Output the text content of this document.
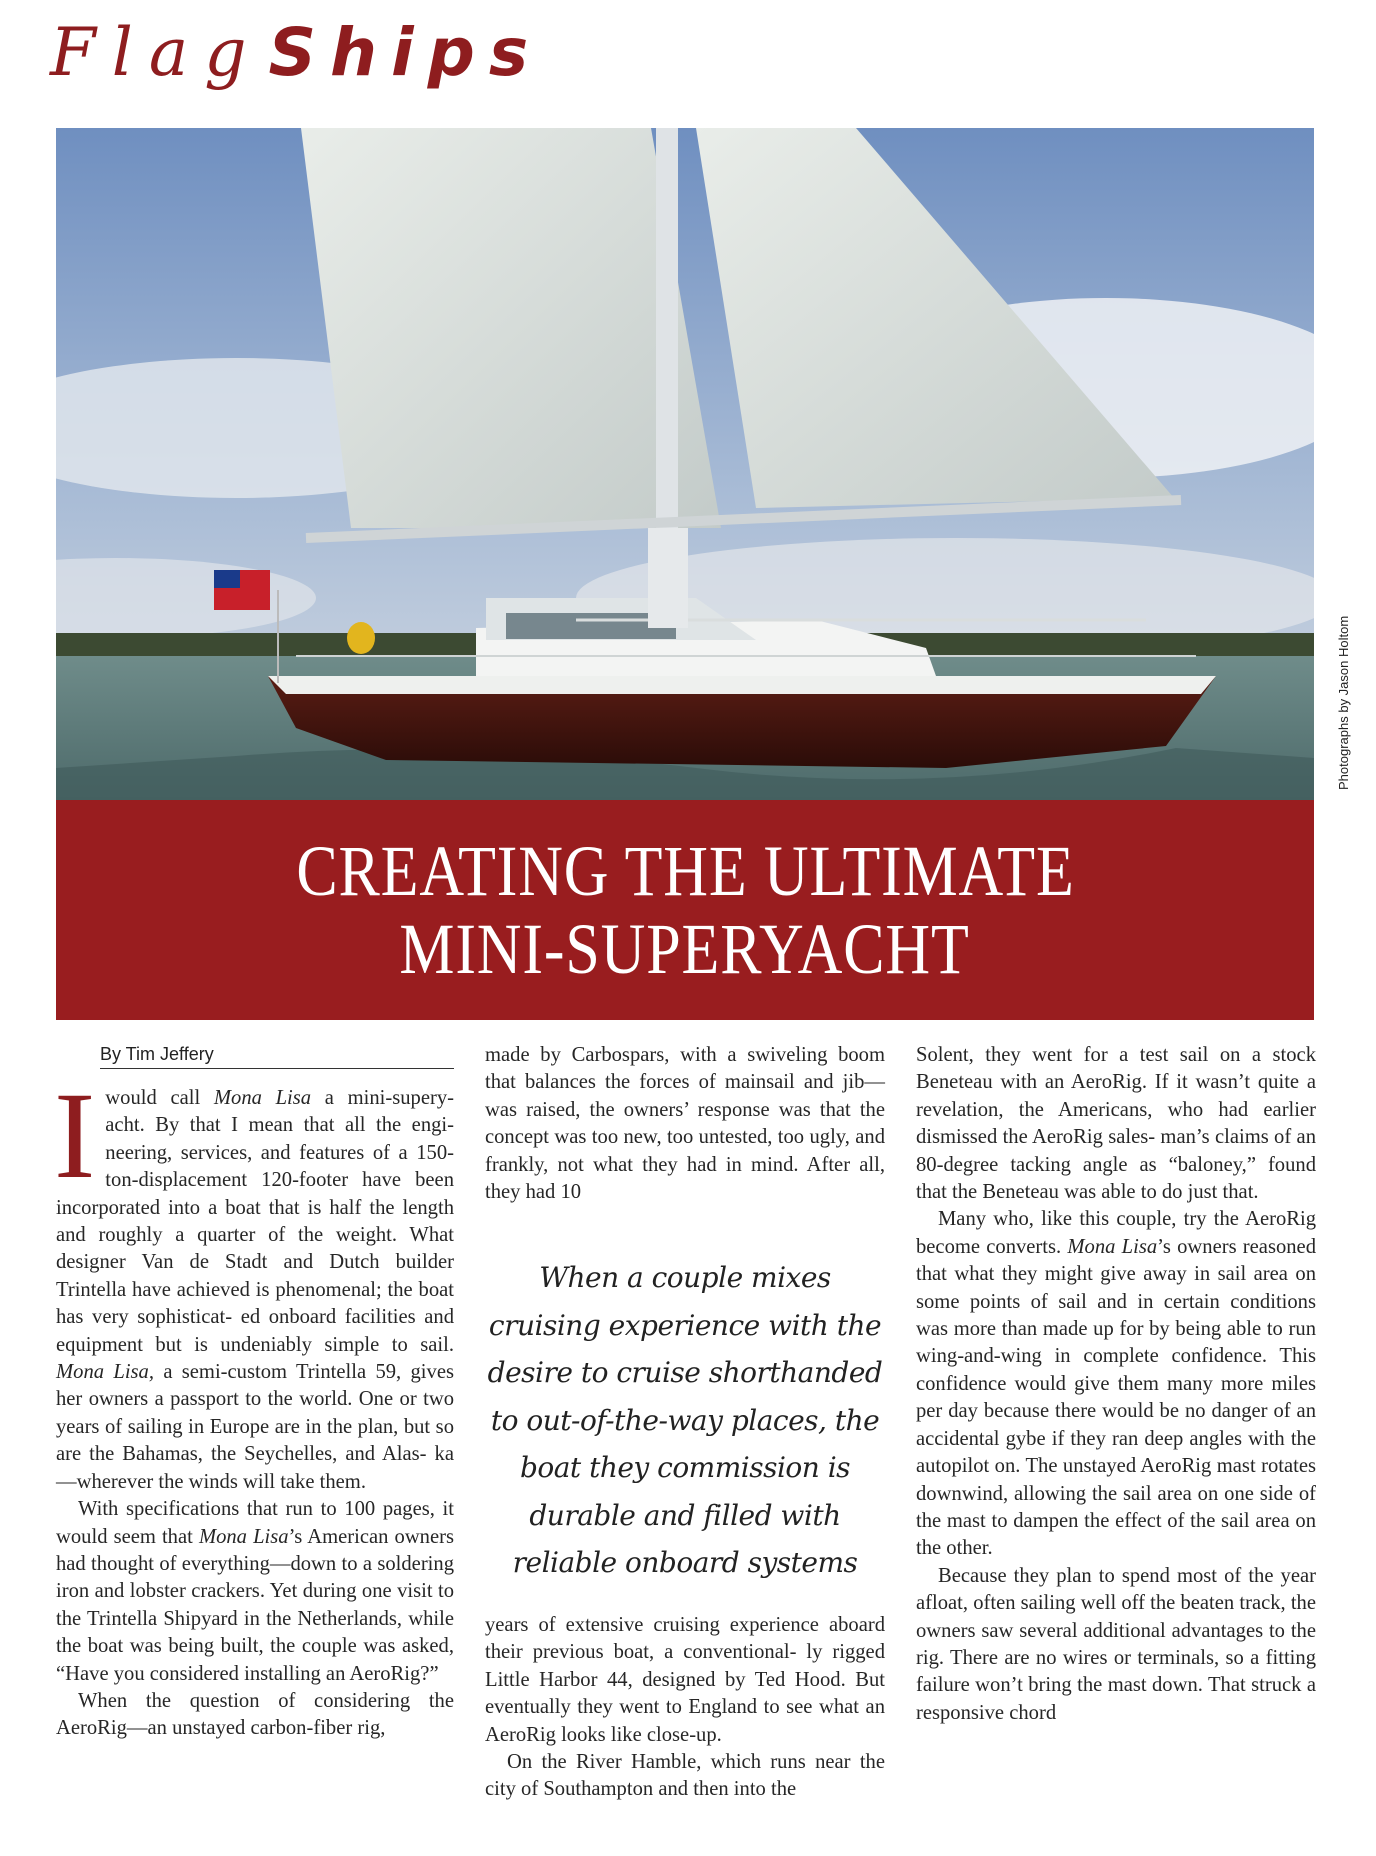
FlagShips
Photographs by Jason Holtom
CREATING THE ULTIMATE
MINI-SUPERYACHT
By Tim Jeffery
I would call Mona Lisa a mini-supery- acht. By that I mean that all the engi- neering, services, and features of a 150-ton-displacement 120-footer have been incorporated into a boat that is half the length and roughly a quarter of the weight. What designer Van de Stadt and Dutch builder Trintella have achieved is phenomenal; the boat has very sophisticat- ed onboard facilities and equipment but is undeniably simple to sail. Mona Lisa, a semi-custom Trintella 59, gives her owners a passport to the world. One or two years of sailing in Europe are in the plan, but so are the Bahamas, the Seychelles, and Alas- ka—wherever the winds will take them.

With specifications that run to 100 pages, it would seem that Mona Lisa’s American owners had thought of everything—down to a soldering iron and lobster crackers. Yet during one visit to the Trintella Shipyard in the Netherlands, while the boat was being built, the couple was asked, “Have you considered installing an AeroRig?”

When the question of considering the AeroRig—an unstayed carbon-fiber rig,

made by Carbospars, with a swiveling boom that balances the forces of mainsail and jib—was raised, the owners’ response was that the concept was too new, too untested, too ugly, and frankly, not what they had in mind. After all, they had 10

When a couple mixes cruising experience with the desire to cruise shorthanded to out-of-the-way places, the boat they commission is durable and filled with reliable onboard systems

years of extensive cruising experience aboard their previous boat, a conventional- ly rigged Little Harbor 44, designed by Ted Hood. But eventually they went to England to see what an AeroRig looks like close-up.

On the River Hamble, which runs near the city of Southampton and then into the

Solent, they went for a test sail on a stock Beneteau with an AeroRig. If it wasn’t quite a revelation, the Americans, who had earlier dismissed the AeroRig sales- man’s claims of an 80-degree tacking angle as “baloney,” found that the Beneteau was able to do just that.

Many who, like this couple, try the AeroRig become converts. Mona Lisa’s owners reasoned that what they might give away in sail area on some points of sail and in certain conditions was more than made up for by being able to run wing-and-wing in complete confidence. This confidence would give them many more miles per day because there would be no danger of an accidental gybe if they ran deep angles with the autopilot on. The unstayed AeroRig mast rotates downwind, allowing the sail area on one side of the mast to dampen the effect of the sail area on the other.

Because they plan to spend most of the year afloat, often sailing well off the beaten track, the owners saw several additional advantages to the rig. There are no wires or terminals, so a fitting failure won’t bring the mast down. That struck a responsive chord
